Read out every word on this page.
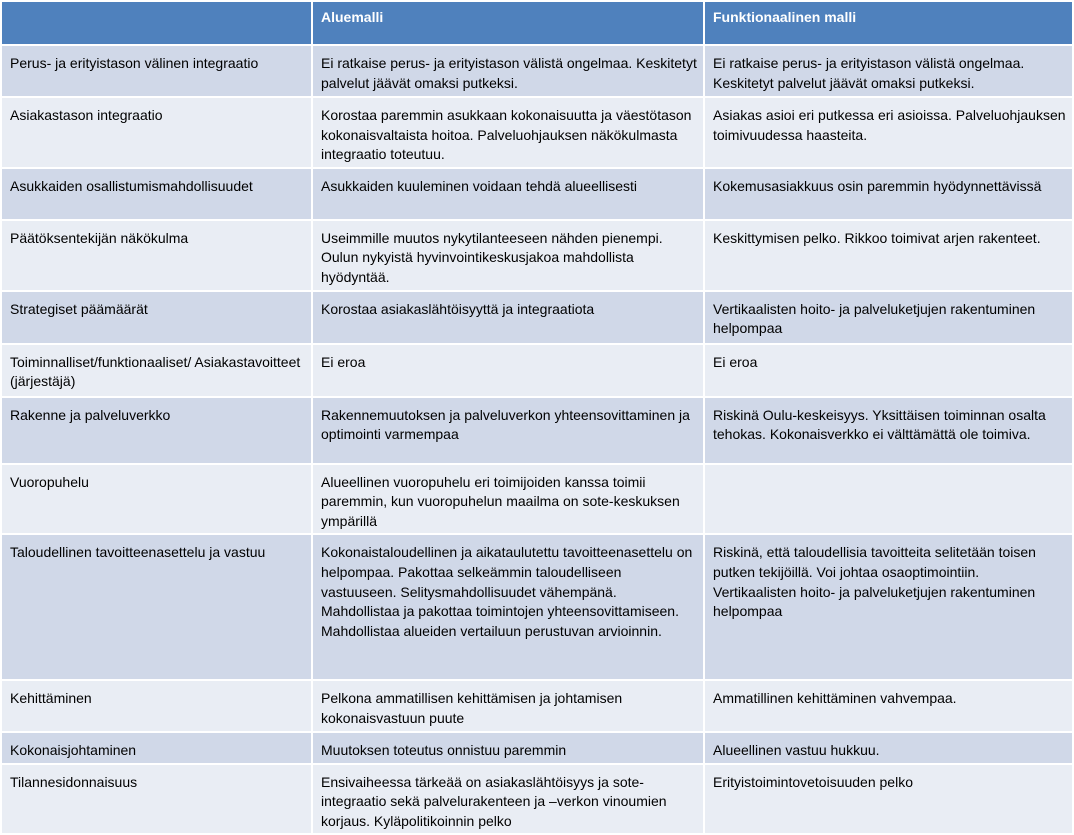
	Aluemalli	Funktionaalinen malli
Perus- ja erityistason välinen integraatio	Ei ratkaise perus- ja erityistason välistä ongelmaa. Keskitetyt palvelut jäävät omaksi putkeksi.	Ei ratkaise perus- ja erityistason välistä ongelmaa. Keskitetyt palvelut jäävät omaksi putkeksi.
Asiakastason integraatio	Korostaa paremmin asukkaan kokonaisuutta ja väestötason kokonaisvaltaista hoitoa. Palveluohjauksen näkökulmasta integraatio toteutuu.	Asiakas asioi eri putkessa eri asioissa. Palveluohjauksen toimivuudessa haasteita.
Asukkaiden osallistumismahdollisuudet	Asukkaiden kuuleminen voidaan tehdä alueellisesti	Kokemusasiakkuus osin paremmin hyödynnettävissä
Päätöksentekijän näkökulma	Useimmille muutos nykytilanteeseen nähden pienempi. Oulun nykyistä hyvinvointikeskusjakoa mahdollista hyödyntää.	Keskittymisen pelko. Rikkoo toimivat arjen rakenteet.
Strategiset päämäärät	Korostaa asiakaslähtöisyyttä ja integraatiota	Vertikaalisten hoito- ja palveluketjujen rakentuminen helpompaa
Toiminnalliset/funktionaaliset/ Asiakastavoitteet (järjestäjä)	Ei eroa	Ei eroa
Rakenne ja palveluverkko	Rakennemuutoksen ja palveluverkon yhteensovittaminen ja optimointi varmempaa	Riskinä Oulu-keskeisyys. Yksittäisen toiminnan osalta tehokas. Kokonaisverkko ei välttämättä ole toimiva.
Vuoropuhelu	Alueellinen vuoropuhelu eri toimijoiden kanssa toimii paremmin, kun vuoropuhelun maailma on sote-keskuksen ympärillä	
Taloudellinen tavoitteenasettelu ja vastuu	Kokonaistaloudellinen ja aikataulutettu tavoitteenasettelu on helpompaa. Pakottaa selkeämmin taloudelliseen vastuuseen. Selitysmahdollisuudet vähempänä. Mahdollistaa ja pakottaa toimintojen yhteensovittamiseen. Mahdollistaa alueiden vertailuun perustuvan arvioinnin.	Riskinä, että taloudellisia tavoitteita selitetään toisen putken tekijöillä. Voi johtaa osaoptimointiin. Vertikaalisten hoito- ja palveluketjujen rakentuminen helpompaa
Kehittäminen	Pelkona ammatillisen kehittämisen ja johtamisen kokonaisvastuun puute	Ammatillinen kehittäminen vahvempaa.
Kokonaisjohtaminen	Muutoksen toteutus onnistuu paremmin	Alueellinen vastuu hukkuu.
Tilannesidonnaisuus	Ensivaiheessa tärkeää on asiakaslähtöisyys ja sote-integraatio sekä palvelurakenteen ja –verkon vinoumien korjaus. Kyläpolitikoinnin pelko	Erityistoimintovetoisuuden pelko
